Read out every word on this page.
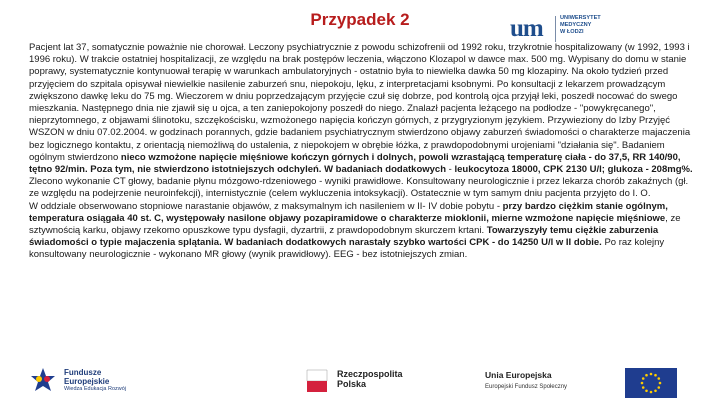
Przypadek 2	um	UNIWERSYTET
MEDYCZNY
W ŁODZI

Pacjent lat 37, somatycznie poważnie nie chorował. Leczony psychiatrycznie z powodu schizofrenii od 1992 roku, trzykrotnie hospitalizowany (w 1992, 1993 i 1996 roku). W trakcie ostatniej hospitalizacji, ze względu na brak postępów leczenia, włączono Klozapol w dawce max. 500 mg. Wypisany do domu w stanie poprawy, systematycznie kontynuował terapię w warunkach ambulatoryjnych - ostatnio była to niewielka dawka 50 mg klozapiny. Na około tydzień przed przyjęciem do szpitala opisywał niewielkie nasilenie zaburzeń snu, niepokoju, lęku, z interpretacjami ksobnymi. Po konsultacji z lekarzem prowadzącym zwiększono dawkę leku do 75 mg. Wieczorem w dniu poprzedzającym przyjęcie czuł się dobrze, pod kontrolą ojca przyjął leki, poszedł nocować do swego mieszkania. Następnego dnia nie zjawił się u ojca, a ten zaniepokojony poszedł do niego. Znalazł pacjenta leżącego na podłodze - "powykręcanego", nieprzytomnego, z objawami ślinotoku, szczękościsku, wzmożonego napięcia kończyn górnych, z przygryzionym językiem. Przywieziony do Izby Przyjęć WSZON w dniu 07.02.2004. w godzinach porannych, gdzie badaniem psychiatrycznym stwierdzono objawy zaburzeń świadomości o charakterze majaczenia bez logicznego kontaktu, z orientacją niemożliwą do ustalenia, z niepokojem w obrębie łóżka, z prawdopodobnymi urojeniami "działania się". Badaniem ogólnym stwierdzono nieco wzmożone napięcie mięśniowe kończyn górnych i dolnych, powoli wzrastającą temperaturę ciała - do 37,5, RR 140/90, tętno 92/min. Poza tym, nie stwierdzono istotniejszych odchyleń. W badaniach dodatkowych - leukocytoza 18000, CPK 2130 U/l; glukoza - 208mg%. Zlecono wykonanie CT głowy, badanie płynu mózgowo-rdzeniowego - wyniki prawidłowe. Konsultowany neurologicznie i przez lekarza chorób zakaźnych (gł. ze względu na podejrzenie neuroinfekcji), internistycznie (celem wykluczenia intoksykacji). Ostatecznie w tym samym dniu pacjenta przyjęto do I. O.

W oddziale obserwowano stopniowe narastanie objawów, z maksymalnym ich nasileniem w II- IV dobie pobytu - przy bardzo ciężkim stanie ogólnym, temperatura osiągała 40 st. C, występowały nasilone objawy pozapiramidowe o charakterze mioklonii, mierne wzmożone napięcie mięśniowe, ze sztywnością karku, objawy rzekomo opuszkowe typu dysfagii, dyzartrii, z prawdopodobnym skurczem krtani. Towarzyszyły temu ciężkie zaburzenia świadomości o typie majaczenia splątania. W badaniach dodatkowych narastały szybko wartości CPK - do 14250 U/l w II dobie. Po raz kolejny konsultowany neurologicznie - wykonano MR głowy (wynik prawidłowy). EEG - bez istotniejszych zmian.

Fundusze
Europejskie
Wiedza Edukacja Rozwój
Rzeczpospolita
Polska
Unia Europejska
Europejski Fundusz Społeczny
